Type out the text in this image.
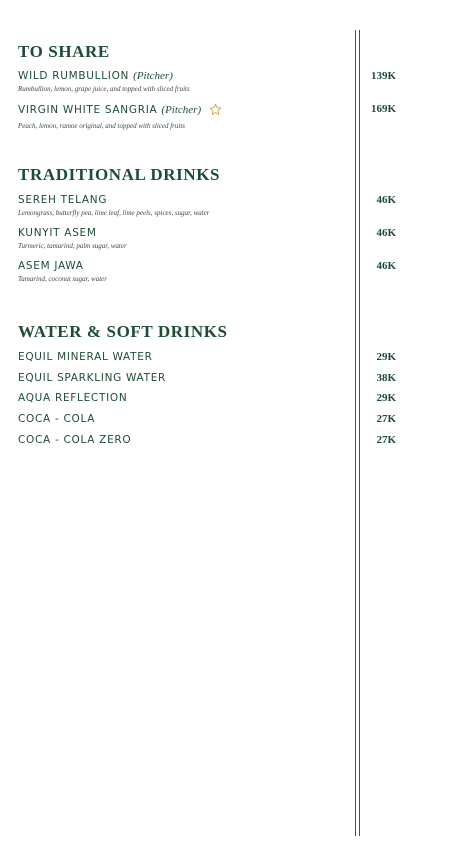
TO SHARE
WILD RUMBULLION (Pitcher)
Rumbullion, lemon, grape juice, and topped with sliced fruits
139K
VIRGIN WHITE SANGRIA (Pitcher)
Peach, lemon, ramoe original, and topped with sliced fruits
169K
TRADITIONAL DRINKS
SEREH TELANG
Lemongrass, butterfly pea, lime leaf, lime peels, spices, sugar, water
46K
KUNYIT ASEM
Turmeric, tamarind, palm sugar, water
46K
ASEM JAWA
Tamarind, coconut sugar, water
46K
WATER & SOFT DRINKS
EQUIL MINERAL WATER	29K
EQUIL SPARKLING WATER	38K
AQUA REFLECTION	29K
COCA - COLA	27K
COCA - COLA ZERO	27K
